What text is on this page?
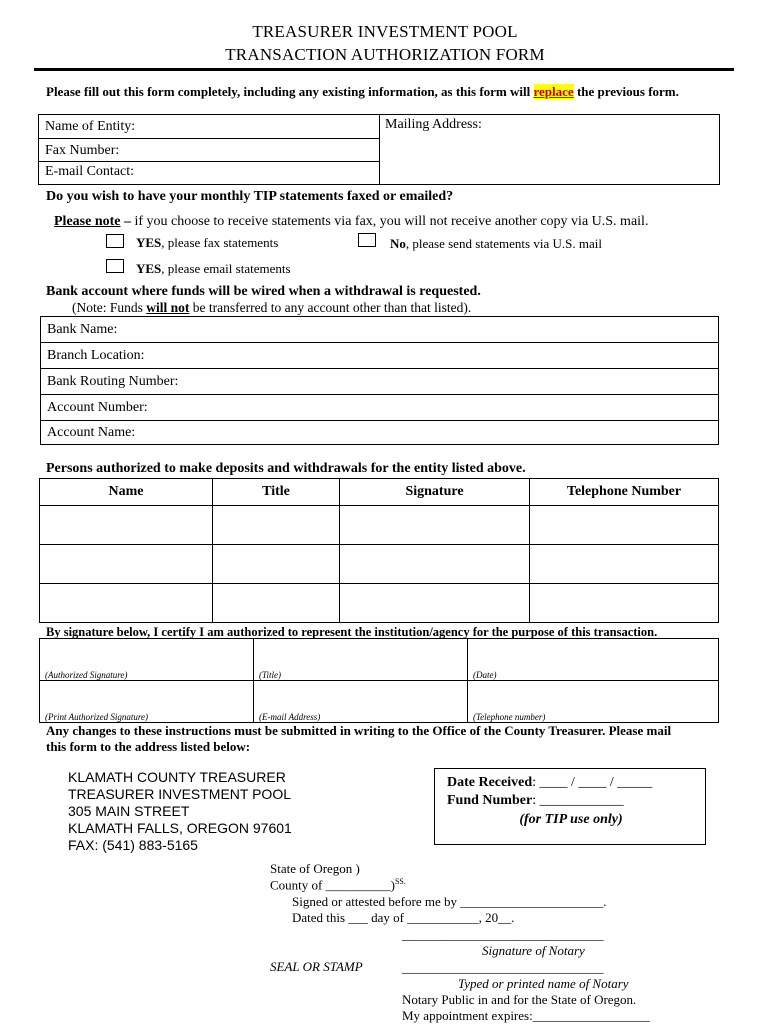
TREASURER INVESTMENT POOL
TRANSACTION AUTHORIZATION FORM
Please fill out this form completely, including any existing information, as this form will replace the previous form.
Name of Entity:
Fax Number:
E-mail Contact:
Mailing Address:
Do you wish to have your monthly TIP statements faxed or emailed?
Please note – if you choose to receive statements via fax, you will not receive another copy via U.S. mail.
YES, please fax statements	No, please send statements via U.S. mail
YES, please email statements
Bank account where funds will be wired when a withdrawal is requested.
(Note: Funds will not be transferred to any account other than that listed).
Bank Name:
Branch Location:
Bank Routing Number:
Account Number:
Account Name:
Persons authorized to make deposits and withdrawals for the entity listed above.
Name	Title	Signature	Telephone Number

By signature below, I certify I am authorized to represent the institution/agency for the purpose of this transaction.
(Authorized Signature)	(Title)	(Date)
(Print Authorized Signature)	(E-mail Address)	(Telephone number)
Any changes to these instructions must be submitted in writing to the Office of the County Treasurer. Please mail
this form to the address listed below:
KLAMATH COUNTY TREASURER
TREASURER INVESTMENT POOL
305 MAIN STREET
KLAMATH FALLS, OREGON 97601
FAX: (541) 883-5165
Date Received: ____ / ____ / _____
Fund Number: ____________
(for TIP use only)
State of Oregon )
County of __________)$^{SS.}$
Signed or attested before me by ______________________.
Dated this ___ day of ___________, 20__.
_______________________________
Signature of Notary
SEAL OR STAMP	_______________________________
Typed or printed name of Notary
Notary Public in and for the State of Oregon.
My appointment expires:__________________
